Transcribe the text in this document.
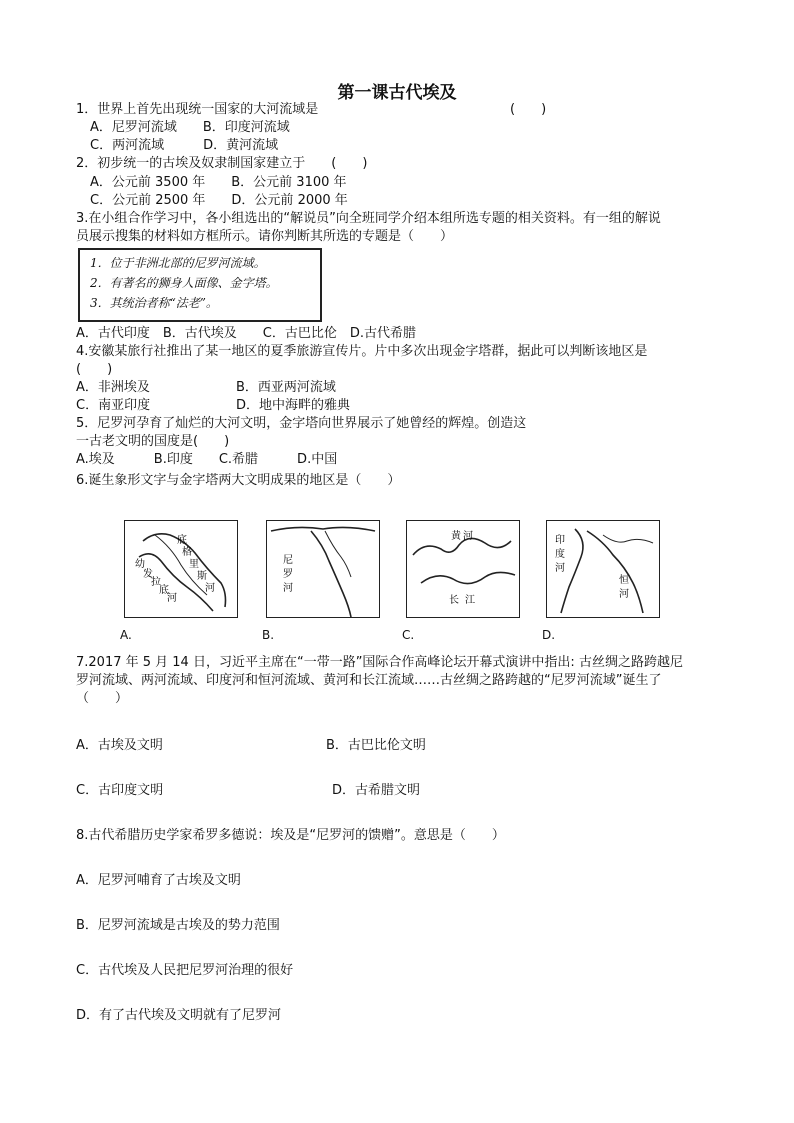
第一课古代埃及
1．世界上首先出现统一国家的大河流域是	(　　)
A．尼罗河流域　　B．印度河流域
C．两河流域　　　D．黄河流域
2．初步统一的古埃及奴隶制国家建立于　　(　　)
A．公元前 3500 年　　B．公元前 3100 年
C．公元前 2500 年　　D．公元前 2000 年
3.在小组合作学习中，各小组选出的“解说员”向全班同学介绍本组所选专题的相关资料。有一组的解说
员展示搜集的材料如方框所示。请你判断其所选的专题是（　　）
1．位于非洲北部的尼罗河流域。
2．有著名的狮身人面像、金字塔。
3．其统治者称“法老”。
A．古代印度　B．古代埃及　　C．古巴比伦　D.古代希腊
4.安徽某旅行社推出了某一地区的夏季旅游宣传片。片中多次出现金字塔群，据此可以判断该地区是
(　　)
A．非洲埃及	B．西亚两河流域
C．南亚印度	D．地中海畔的雅典
5．尼罗河孕育了灿烂的大河文明，金字塔向世界展示了她曾经的辉煌。创造这
一古老文明的国度是(　　)
A.埃及　　　B.印度　　C.希腊　　　D.中国
6.诞生象形文字与金字塔两大文明成果的地区是（　　）
底
格
里
斯
河
幼
发
拉
底
河
尼
罗
河
黄 河
长 江
印
度
河
恒
河
A.	B.	C.	D.
7.2017 年 5 月 14 日，习近平主席在“一带一路”国际合作高峰论坛开幕式演讲中指出: 古丝绸之路跨越尼
罗河流域、两河流域、印度河和恒河流域、黄河和长江流域……古丝绸之路跨越的“尼罗河流域”诞生了
（　　）
A．古埃及文明	B．古巴比伦文明
C．古印度文明	D．古希腊文明
8.古代希腊历史学家希罗多德说：埃及是“尼罗河的馈赠”。意思是（　　）
A．尼罗河哺育了古埃及文明
B．尼罗河流域是古埃及的势力范围
C．古代埃及人民把尼罗河治理的很好
D．有了古代埃及文明就有了尼罗河
